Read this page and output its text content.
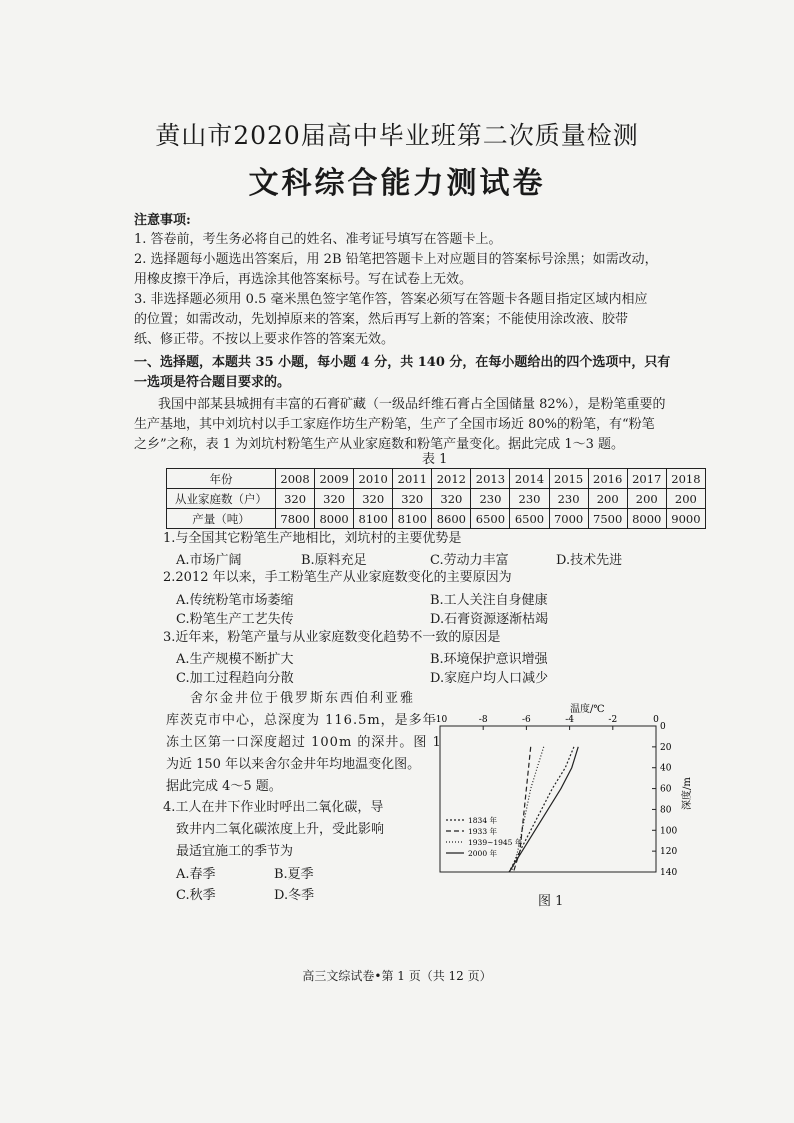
黄山市2020届高中毕业班第二次质量检测
文科综合能力测试卷
注意事项:
1. 答卷前，考生务必将自己的姓名、准考证号填写在答题卡上。
2. 选择题每小题选出答案后，用 2B 铅笔把答题卡上对应题目的答案标号涂黑；如需改动，
用橡皮擦干净后，再选涂其他答案标号。写在试卷上无效。
3. 非选择题必须用 0.5 毫米黑色签字笔作答，答案必须写在答题卡各题目指定区域内相应
的位置；如需改动，先划掉原来的答案，然后再写上新的答案；不能使用涂改液、胶带
纸、修正带。不按以上要求作答的答案无效。
一、选择题，本题共 35 小题，每小题 4 分，共 140 分，在每小题给出的四个选项中，只有
一选项是符合题目要求的。
我国中部某县城拥有丰富的石膏矿藏（一级品纤维石膏占全国储量 82%），是粉笔重要的
生产基地，其中刘坑村以手工家庭作坊生产粉笔，生产了全国市场近 80%的粉笔，有“粉笔
之乡”之称，表 1 为刘坑村粉笔生产从业家庭数和粉笔产量变化。据此完成 1～3 题。
表 1
年份	2008	2009	2010	2011	2012	2013	2014	2015	2016	2017	2018
从业家庭数（户）	320	320	320	320	320	230	230	230	200	200	200
产量（吨）	7800	8000	8100	8100	8600	6500	6500	7000	7500	8000	9000
1.与全国其它粉笔生产地相比，刘坑村的主要优势是
A.市场广阔	B.原料充足	C.劳动力丰富	D.技术先进
2.2012 年以来，手工粉笔生产从业家庭数变化的主要原因为
A.传统粉笔市场萎缩	B.工人关注自身健康
C.粉笔生产工艺失传	D.石膏资源逐渐枯竭
3.近年来，粉笔产量与从业家庭数变化趋势不一致的原因是
A.生产规模不断扩大	B.环境保护意识增强
C.加工过程趋向分散	D.家庭户均人口减少
舍尔金井位于俄罗斯东西伯利亚雅
库茨克市中心，总深度为 116.5m，是多年
冻土区第一口深度超过 100m 的深井。图 1
为近 150 年以来舍尔金井年均地温变化图。
据此完成 4～5 题。
4.工人在井下作业时呼出二氧化碳，导
致井内二氧化碳浓度上升，受此影响
最适宜施工的季节为
A.春季	B.夏季
C.秋季	D.冬季
-10	-8	-6	-4	-2	0
0
20
40
60
80
100
120
140
1834 年
1933 年
1939~1945 年
2000 年
温度/℃
深度/m
图 1
高三文综试卷•第 1 页（共 12 页）
